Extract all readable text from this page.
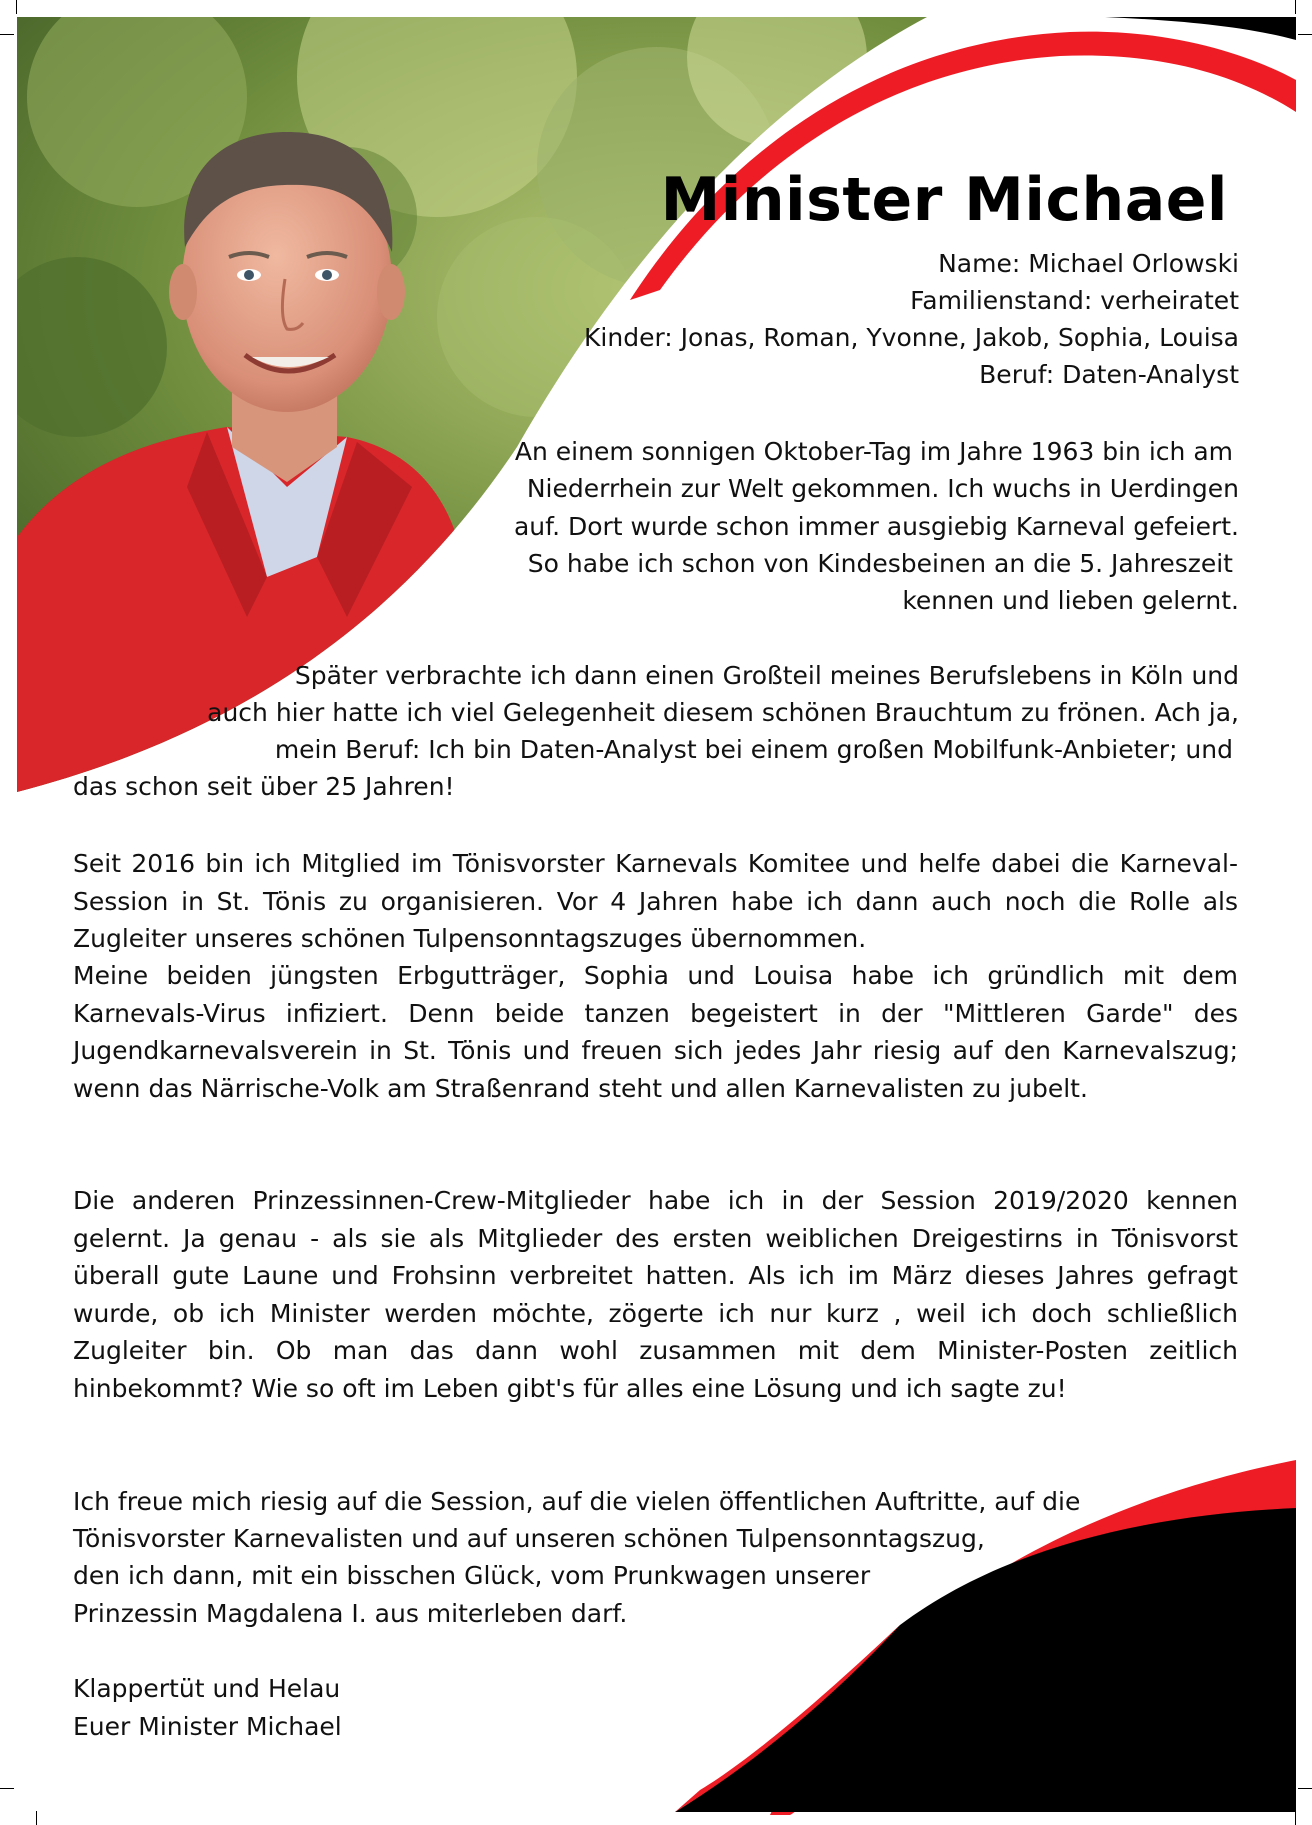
Minister Michael
Name: Michael Orlowski
Familienstand: verheiratet
Kinder: Jonas, Roman, Yvonne, Jakob, Sophia, Louisa
Beruf: Daten-Analyst
An einem sonnigen Oktober-Tag im Jahre 1963 bin ich am
Niederrhein zur Welt gekommen. Ich wuchs in Uerdingen
auf. Dort wurde schon immer ausgiebig Karneval gefeiert.
So habe ich schon von Kindesbeinen an die 5. Jahreszeit
kennen und lieben gelernt.
Später verbrachte ich dann einen Großteil meines Berufslebens in Köln und
auch hier hatte ich viel Gelegenheit diesem schönen Brauchtum zu frönen. Ach ja,
mein Beruf: Ich bin Daten-Analyst bei einem großen Mobilfunk-Anbieter; und
das schon seit über 25 Jahren!

Seit 2016 bin ich Mitglied im Tönisvorster Karnevals Komitee und helfe dabei die Karneval-Session in St. Tönis zu organisieren. Vor 4 Jahren habe ich dann auch noch die Rolle als Zugleiter unseres schönen Tulpensonntagszuges übernommen.

Meine beiden jüngsten Erbgutträger, Sophia und Louisa habe ich gründlich mit dem Karnevals-Virus infiziert. Denn beide tanzen begeistert in der "Mittleren Garde" des Jugendkarnevalsverein in St. Tönis und freuen sich jedes Jahr riesig auf den Karnevalszug; wenn das Närrische-Volk am Straßenrand steht und allen Karnevalisten zu jubelt.

Die anderen Prinzessinnen-Crew-Mitglieder habe ich in der Session 2019/2020 kennen gelernt. Ja genau - als sie als Mitglieder des ersten weiblichen Dreigestirns in Tönisvorst überall gute Laune und Frohsinn verbreitet hatten. Als ich im März dieses Jahres gefragt wurde, ob ich Minister werden möchte, zögerte ich nur kurz , weil ich doch schließlich Zugleiter bin. Ob man das dann wohl zusammen mit dem Minister-Posten zeitlich hinbekommt? Wie so oft im Leben gibt's für alles eine Lösung und ich sagte zu!

Ich freue mich riesig auf die Session, auf die vielen öffentlichen Auftritte, auf die
Tönisvorster Karnevalisten und auf unseren schönen Tulpensonntagszug,
den ich dann, mit ein bisschen Glück, vom Prunkwagen unserer
Prinzessin Magdalena I. aus miterleben darf.
Klappertüt und Helau
Euer Minister Michael
